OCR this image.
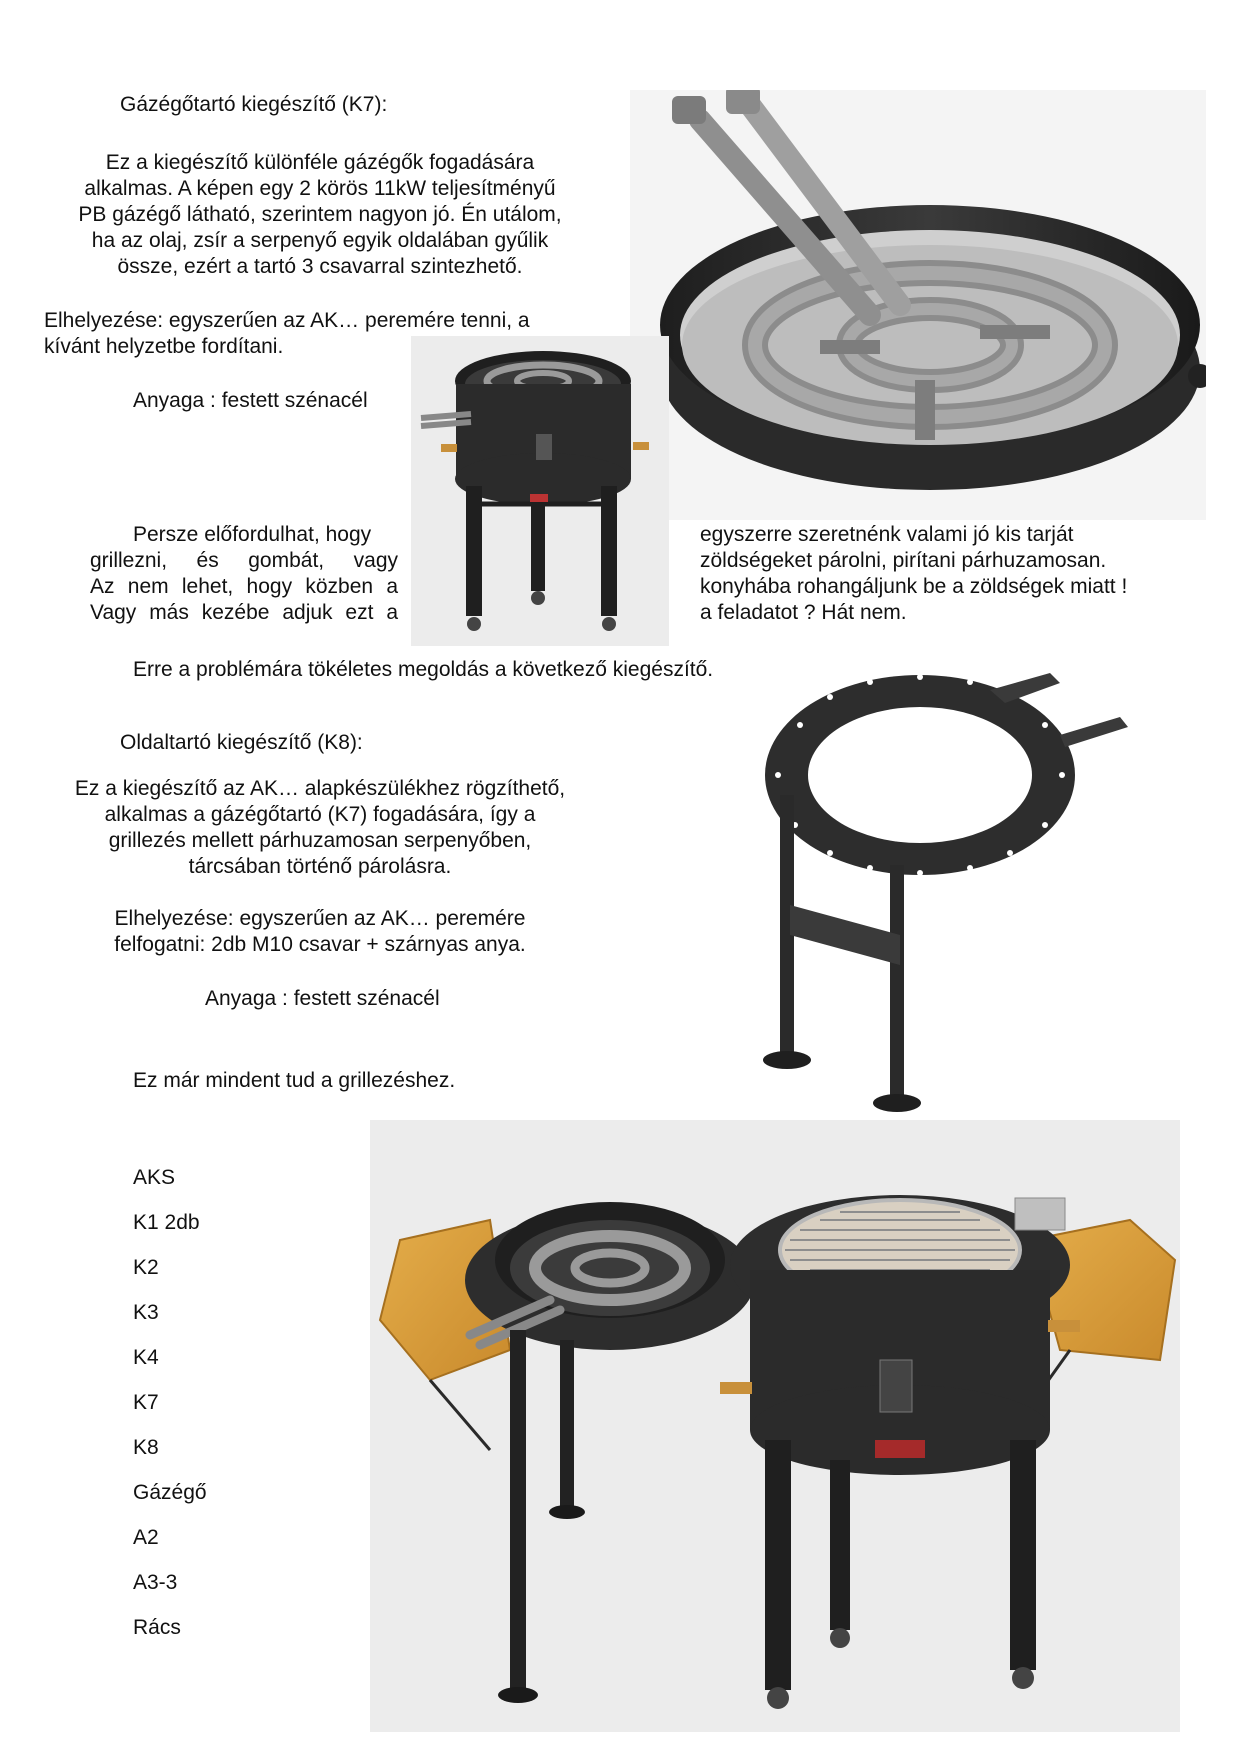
Gázégőtartó kiegészítő (K7):
Ez a kiegészítő különféle gázégők fogadására
alkalmas. A képen egy 2 körös 11kW teljesítményű
PB gázégő látható, szerintem nagyon jó. Én utálom,
ha az olaj, zsír a serpenyő egyik oldalában gyűlik
össze, ezért a tartó 3 csavarral szintezhető.
Elhelyezése: egyszerűen az AK… peremére tenni, a
kívánt helyzetbe fordítani.
Anyaga : festett szénacél
Persze előfordulhat, hogy
grillezni, és gombát, vagy
Az nem lehet, hogy közben a
Vagy más kezébe adjuk ezt a
egyszerre szeretnénk valami jó kis tarját
zöldségeket párolni, pirítani párhuzamosan.
konyhába rohangáljunk be a zöldségek miatt !
a feladatot ? Hát nem.
Erre a problémára tökéletes megoldás a következő kiegészítő.
Oldaltartó kiegészítő (K8):
Ez a kiegészítő az AK… alapkészülékhez rögzíthető,
alkalmas a gázégőtartó (K7) fogadására, így a
grillezés mellett párhuzamosan serpenyőben,
tárcsában történő párolásra.
Elhelyezése: egyszerűen az AK… peremére
felfogatni: 2db M10 csavar + szárnyas anya.
Anyaga : festett szénacél
Ez már mindent tud a grillezéshez.
AKS
K1 2db
K2
K3
K4
K7
K8
Gázégő
A2
A3-3
Rács
